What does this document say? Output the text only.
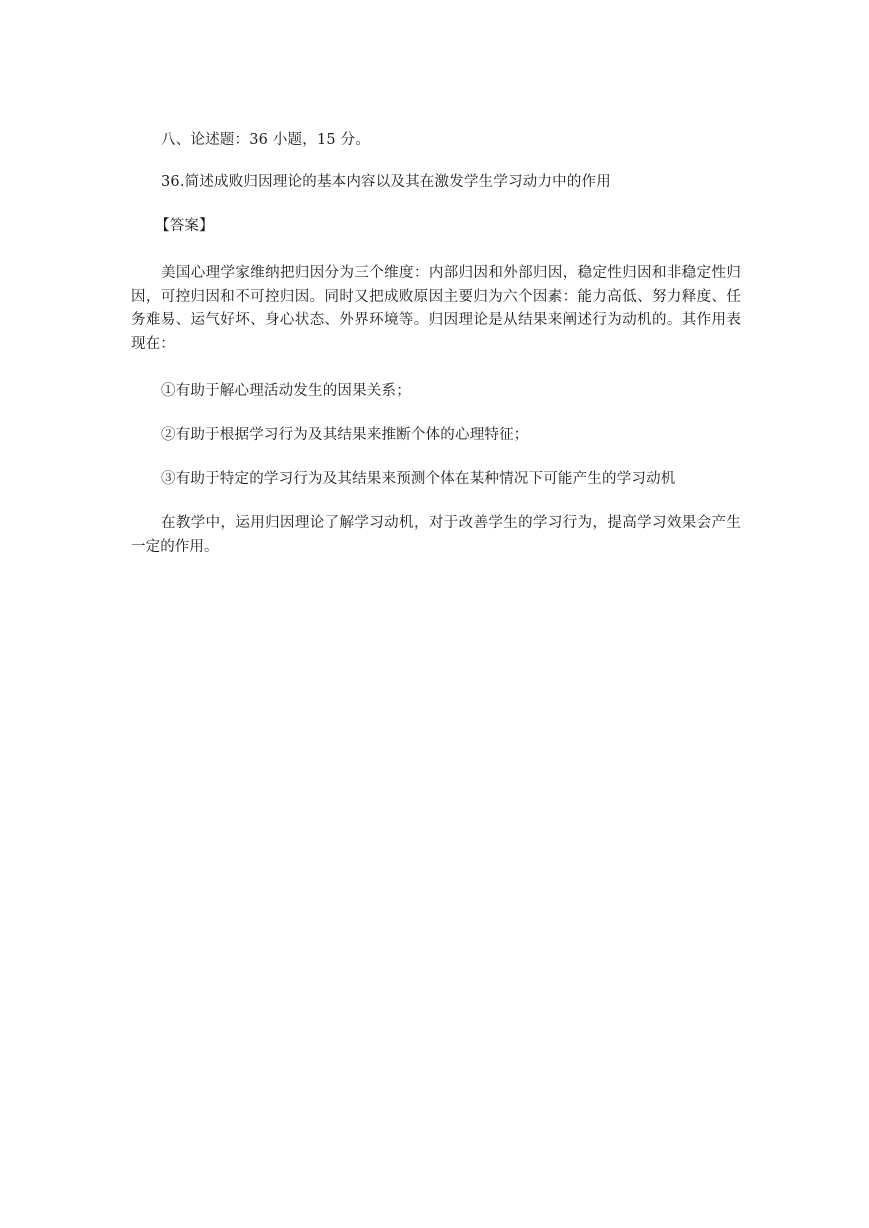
八、论述题：36 小题，15 分。
36.简述成败归因理论的基本内容以及其在激发学生学习动力中的作用
【答案】
美国心理学家维纳把归因分为三个维度：内部归因和外部归因，稳定性归因和非稳定性归因，可控归因和不可控归因。同时又把成败原因主要归为六个因素：能力高低、努力释度、任务难易、运气好坏、身心状态、外界环境等。归因理论是从结果来阐述行为动机的。其作用表现在：
①有助于解心理活动发生的因果关系；
②有助于根据学习行为及其结果来推断个体的心理特征；
③有助于特定的学习行为及其结果来预测个体在某种情况下可能产生的学习动机
在教学中，运用归因理论了解学习动机，对于改善学生的学习行为，提高学习效果会产生一定的作用。
